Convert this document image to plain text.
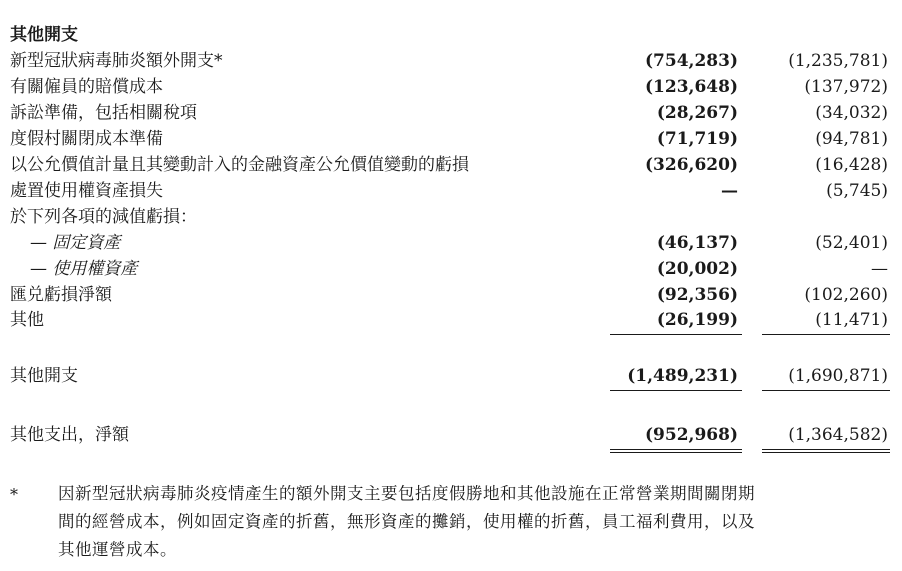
其他開支
新型冠狀病毒肺炎額外開支*	(754,283)	(1,235,781)
有關僱員的賠償成本	(123,648)	(137,972)
訴訟準備，包括相關稅項	(28,267)	(34,032)
度假村關閉成本準備	(71,719)	(94,781)
以公允價值計量且其變動計入的金融資產公允價值變動的虧損	(326,620)	(16,428)
處置使用權資產損失	—	(5,745)
於下列各項的減值虧損：
— 固定資產	(46,137)	(52,401)
— 使用權資產	(20,002)	—
匯兑虧損淨額	(92,356)	(102,260)
其他	(26,199)	(11,471)
其他開支	(1,489,231)	(1,690,871)
其他支出，淨額	(952,968)	(1,364,582)
* 因新型冠狀病毒肺炎疫情產生的額外開支主要包括度假勝地和其他設施在正常營業期間關閉期
間的經營成本，例如固定資產的折舊，無形資產的攤銷，使用權的折舊，員工福利費用，以及
其他運營成本。
